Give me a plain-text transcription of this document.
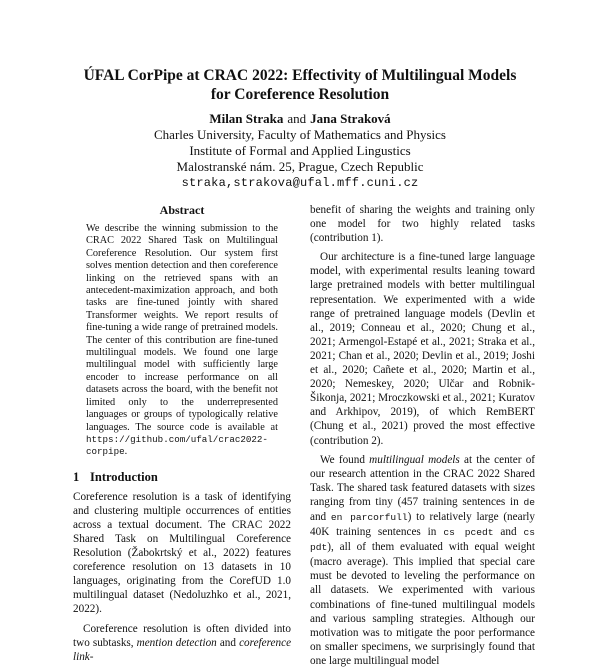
ÚFAL CorPipe at CRAC 2022: Effectivity of Multilingual Models
for Coreference Resolution
Milan Straka and Jana Straková
Charles University, Faculty of Mathematics and Physics
Institute of Formal and Applied Lingustics
Malostranské nám. 25, Prague, Czech Republic
straka,strakova@ufal.mff.cuni.cz
Abstract
We describe the winning submission to the CRAC 2022 Shared Task on Multilingual Coreference Resolution. Our system first solves mention detection and then coreference linking on the retrieved spans with an antecedent-maximization approach, and both tasks are fine-tuned jointly with shared Transformer weights. We report results of fine-tuning a wide range of pretrained models. The center of this contribution are fine-tuned multilingual models. We found one large multilingual model with sufficiently large encoder to increase performance on all datasets across the board, with the benefit not limited only to the underrepresented languages or groups of typologically relative languages. The source code is available at https://github.com/ufal/crac2022-corpipe.
1 Introduction

Coreference resolution is a task of identifying and clustering multiple occurrences of entities across a textual document. The CRAC 2022 Shared Task on Multilingual Coreference Resolution (Žabokrtský et al., 2022) features coreference resolution on 13 datasets in 10 languages, originating from the CorefUD 1.0 multilingual dataset (Nedoluzhko et al., 2021, 2022).

Coreference resolution is often divided into two subtasks, mention detection and coreference link-

benefit of sharing the weights and training only one model for two highly related tasks (contribution 1).

Our architecture is a fine-tuned large language model, with experimental results leaning toward large pretrained models with better multilingual representation. We experimented with a wide range of pretrained language models (Devlin et al., 2019; Conneau et al., 2020; Chung et al., 2021; Armengol-Estapé et al., 2021; Straka et al., 2021; Chan et al., 2020; Devlin et al., 2019; Joshi et al., 2020; Cañete et al., 2020; Martin et al., 2020; Nemeskey, 2020; Ulčar and Robnik-Šikonja, 2021; Mroczkowski et al., 2021; Kuratov and Arkhipov, 2019), of which RemBERT (Chung et al., 2021) proved the most effective (contribution 2).

We found multilingual models at the center of our research attention in the CRAC 2022 Shared Task. The shared task featured datasets with sizes ranging from tiny (457 training sentences in de and en parcorfull) to relatively large (nearly 40K training sentences in cs pcedt and cs pdt), all of them evaluated with equal weight (macro average). This implied that special care must be devoted to leveling the performance on all datasets. We experimented with various combinations of fine-tuned multilingual models and various sampling strategies. Although our motivation was to mitigate the poor performance on smaller specimens, we surprisingly found that one large multilingual model
